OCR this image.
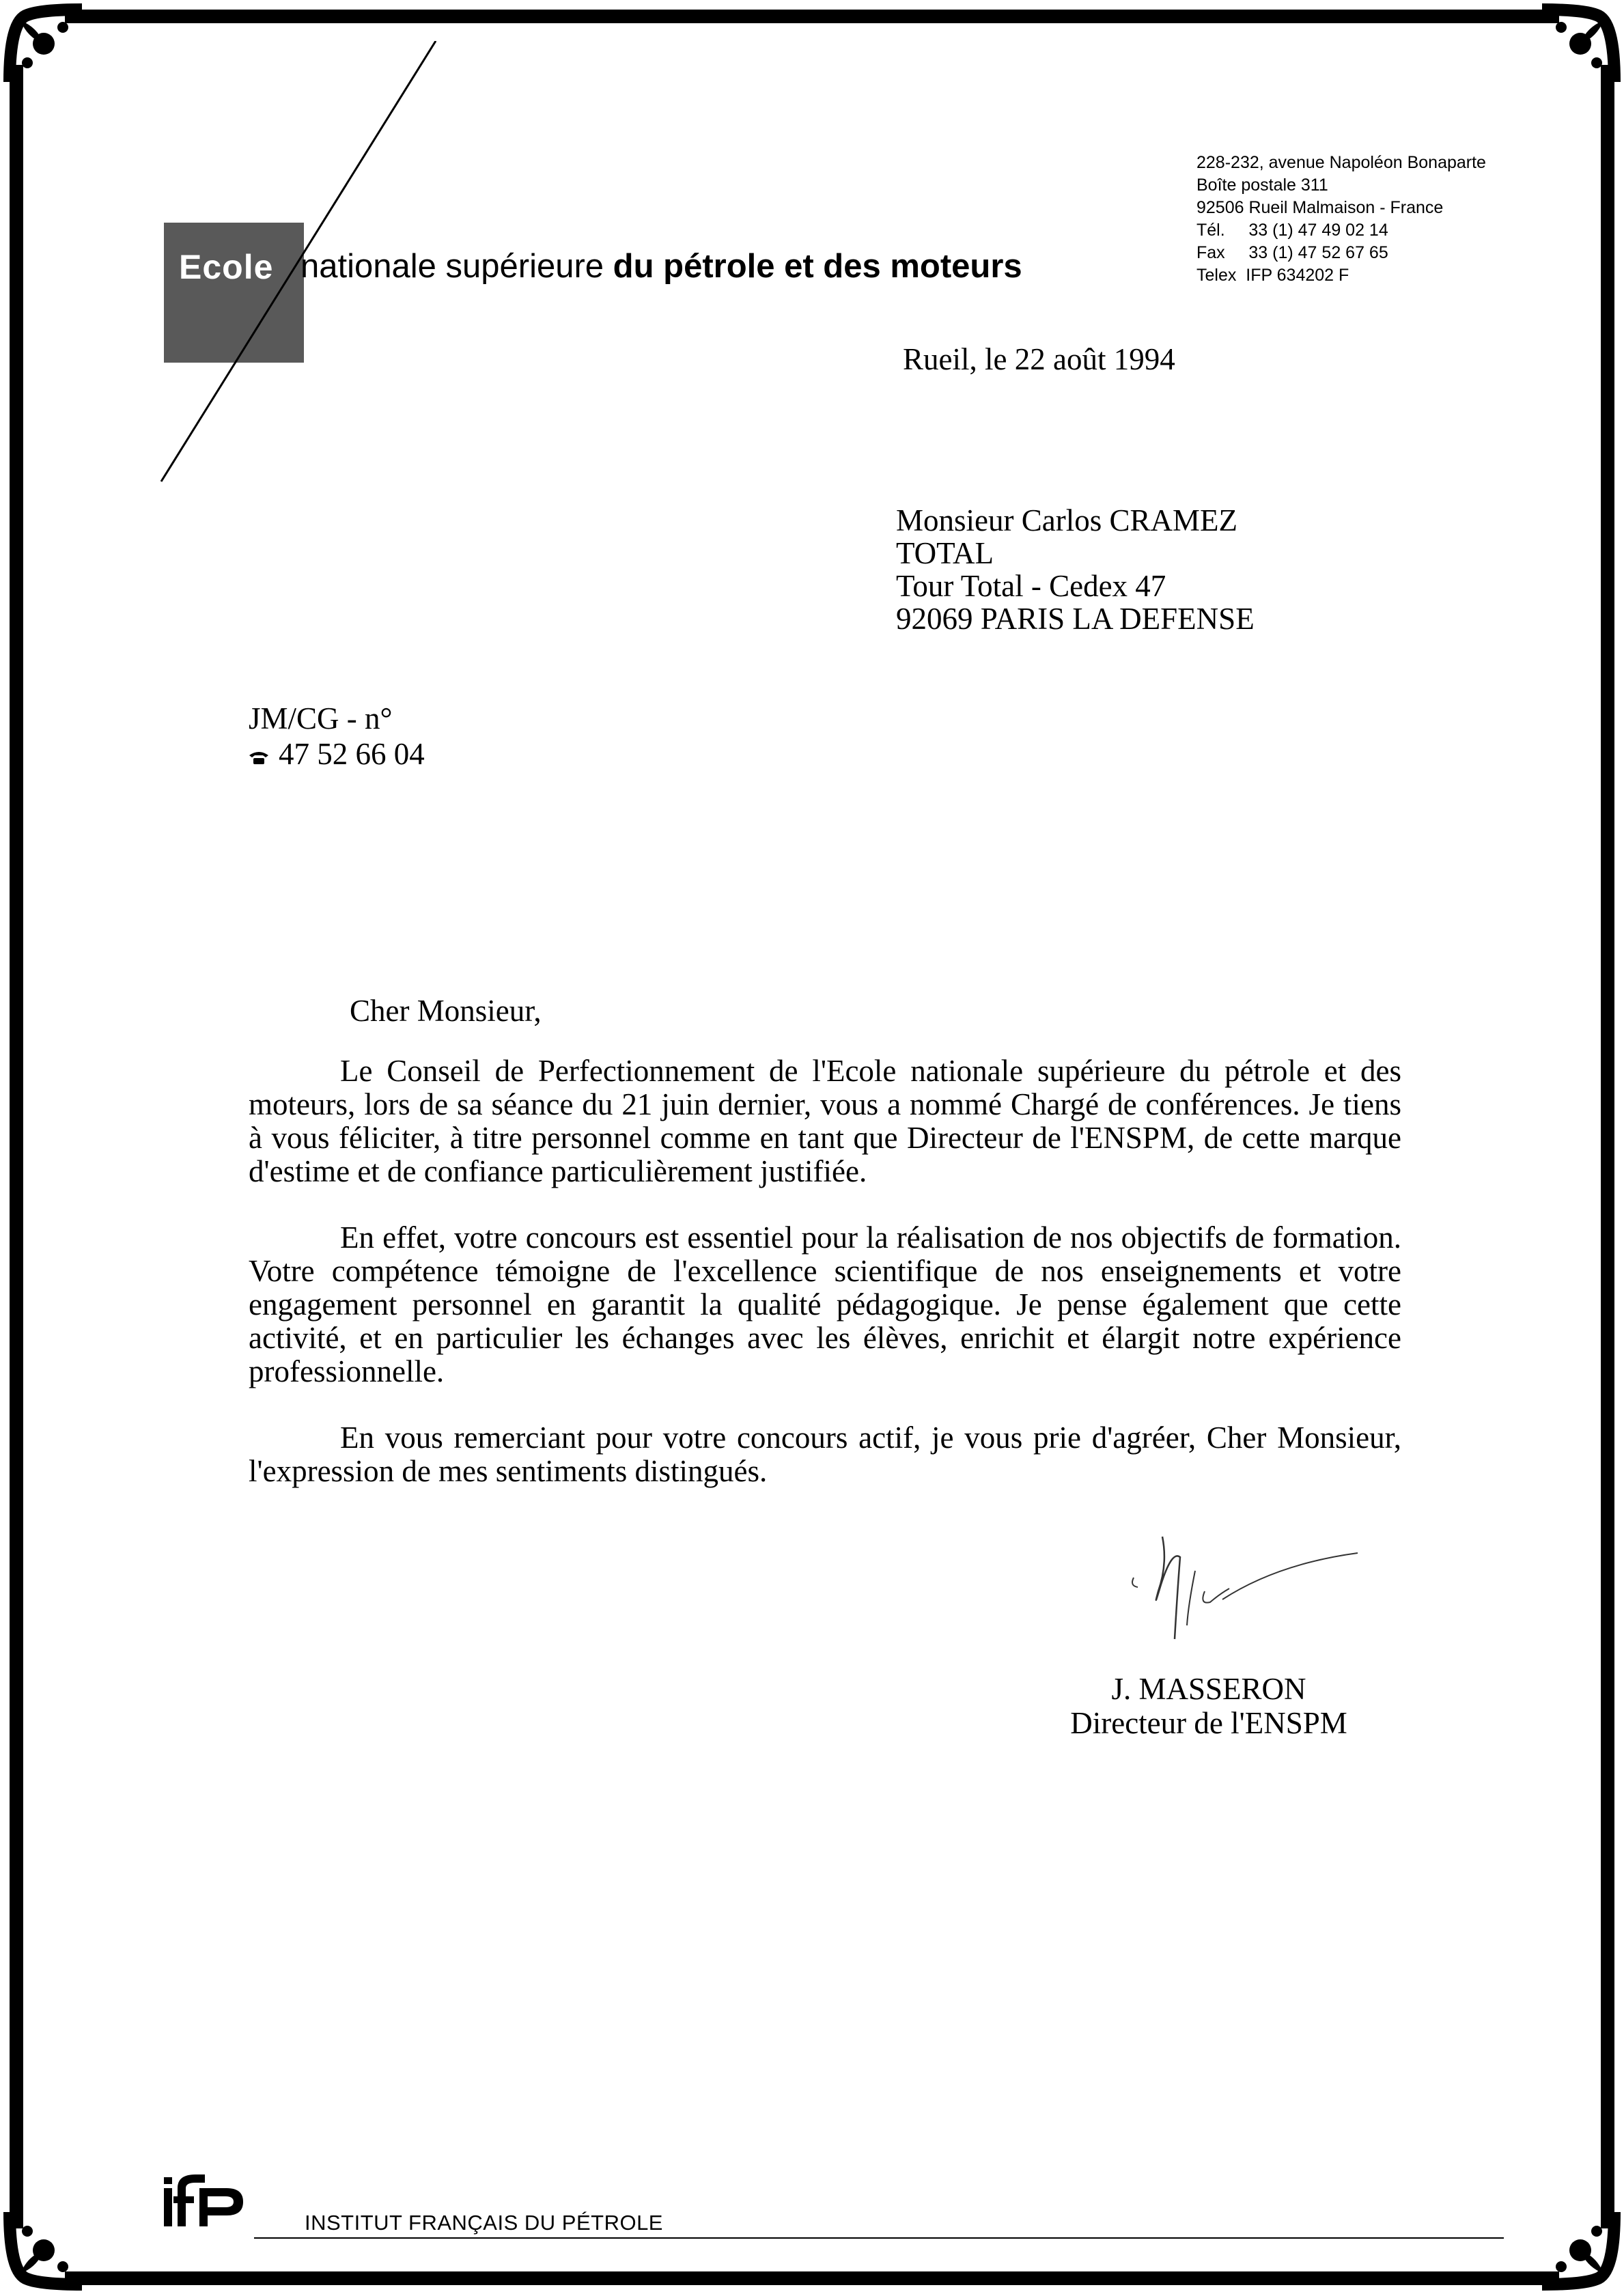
Ecole nationale supérieure du pétrole et des moteurs
228-232, avenue Napoléon Bonaparte
Boîte postale 311
92506 Rueil Malmaison - France
Tél.     33 (1) 47 49 02 14
Fax     33 (1) 47 52 67 65
Telex  IFP 634202 F
Rueil, le 22 août 1994
Monsieur Carlos CRAMEZ
TOTAL
Tour Total - Cedex 47
92069 PARIS LA DEFENSE
JM/CG - n°
47 52 66 04
Cher Monsieur,

Le Conseil de Perfectionnement de l'Ecole nationale supérieure du pétrole et des moteurs, lors de sa séance du 21 juin dernier, vous a nommé Chargé de conférences. Je tiens à vous féliciter, à titre personnel comme en tant que Directeur de l'ENSPM, de cette marque d'estime et de confiance particulièrement justifiée.

En effet, votre concours est essentiel pour la réalisation de nos objectifs de formation. Votre compétence témoigne de l'excellence scientifique de nos enseignements et votre engagement personnel en garantit la qualité pédagogique. Je pense également que cette activité, et en particulier les échanges avec les élèves, enrichit et élargit notre expérience professionnelle.

En vous remerciant pour votre concours actif, je vous prie d'agréer, Cher Monsieur, l'expression de mes sentiments distingués.

J. MASSERON
Directeur de l'ENSPM
INSTITUT FRANÇAIS DU PÉTROLE
